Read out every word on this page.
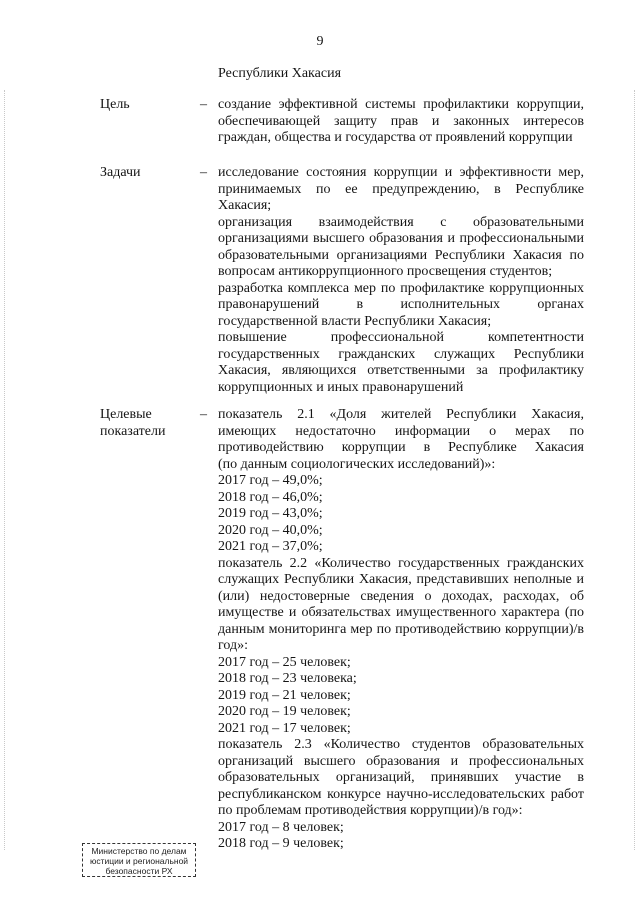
9
Республики Хакасия
Цель	– создание эффективной системы профилактики коррупции,
обеспечивающей защиту прав и законных интересов
граждан, общества и государства от проявлений коррупции
Задачи	– исследование состояния коррупции и эффективности мер,
принимаемых по ее предупреждению, в Республике
Хакасия;
организация взаимодействия с образовательными
организациями высшего образования и профессиональными
образовательными организациями Республики Хакасия по
вопросам антикоррупционного просвещения студентов;
разработка комплекса мер по профилактике коррупционных
правонарушений в исполнительных органах
государственной власти Республики Хакасия;
повышение профессиональной компетентности
государственных гражданских служащих Республики
Хакасия, являющихся ответственными за профилактику
коррупционных и иных правонарушений
Целевые
показатели
– показатель 2.1 «Доля жителей Республики Хакасия,
имеющих недостаточно информации о мерах по
противодействию коррупции в Республике Хакасия
(по данным социологических исследований)»:
2017 год – 49,0%;
2018 год – 46,0%;
2019 год – 43,0%;
2020 год – 40,0%;
2021 год – 37,0%;
показатель 2.2 «Количество государственных гражданских
служащих Республики Хакасия, представивших неполные и
(или) недостоверные сведения о доходах, расходах, об
имуществе и обязательствах имущественного характера (по
данным мониторинга мер по противодействию коррупции)/в
год»:
2017 год – 25 человек;
2018 год – 23 человека;
2019 год – 21 человек;
2020 год – 19 человек;
2021 год – 17 человек;
показатель 2.3 «Количество студентов образовательных
организаций высшего образования и профессиональных
образовательных организаций, принявших участие в
республиканском конкурсе научно-исследовательских работ
по проблемам противодействия коррупции)/в год»:
2017 год – 8 человек;
2018 год – 9 человек;
Министерство по делам
юстиции и региональной
безопасности РХ
